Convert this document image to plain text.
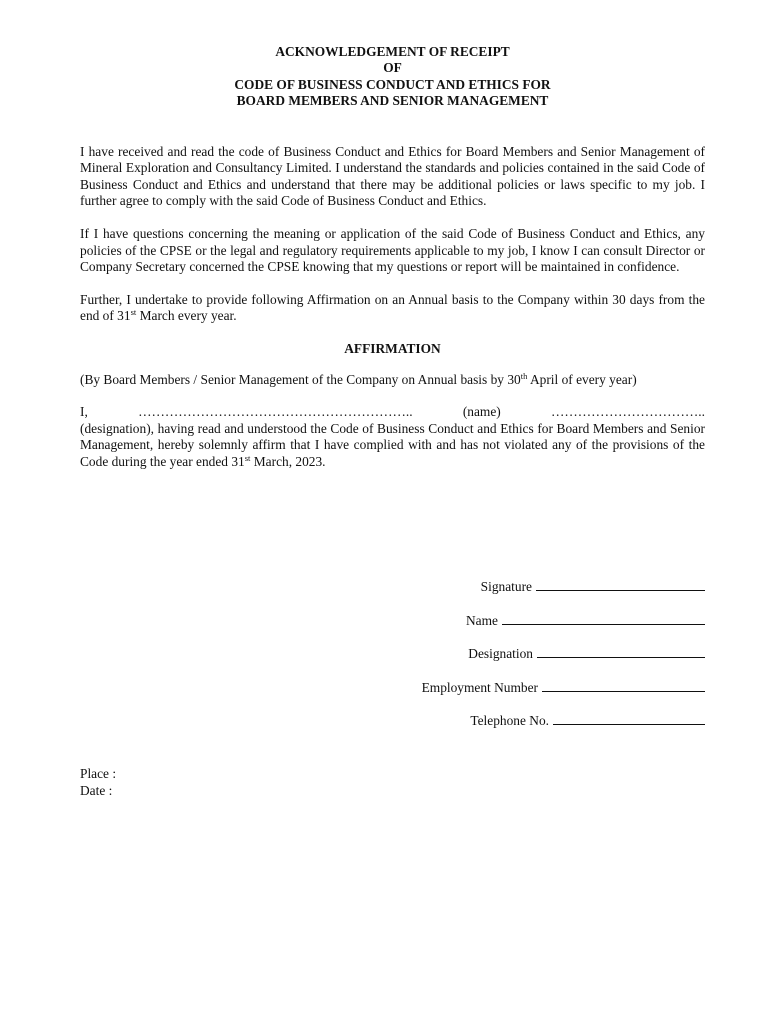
ACKNOWLEDGEMENT OF RECEIPT
OF
CODE OF BUSINESS CONDUCT AND ETHICS FOR
BOARD MEMBERS AND SENIOR MANAGEMENT

I have received and read the code of Business Conduct and Ethics for Board Members and Senior Management of Mineral Exploration and Consultancy Limited. I understand the standards and policies contained in the said Code of Business Conduct and Ethics and understand that there may be additional policies or laws specific to my job. I further agree to comply with the said Code of Business Conduct and Ethics.

If I have questions concerning the meaning or application of the said Code of Business Conduct and Ethics, any policies of the CPSE or the legal and regulatory requirements applicable to my job, I know I can consult Director or Company Secretary concerned the CPSE knowing that my questions or report will be maintained in confidence.

Further, I undertake to provide following Affirmation on an Annual basis to the Company within 30 days from the end of 31st March every year.

AFFIRMATION

(By Board Members / Senior Management of the Company on Annual basis by 30th April of every year)

I,	……………………………………………………..	(name)	……………………………..

(designation), having read and understood the Code of Business Conduct and Ethics for Board Members and Senior Management, hereby solemnly affirm that I have complied with and has not violated any of the provisions of the Code during the year ended 31st March, 2023.

Signature
Name
Designation
Employment Number
Telephone No.
Place :
Date :
